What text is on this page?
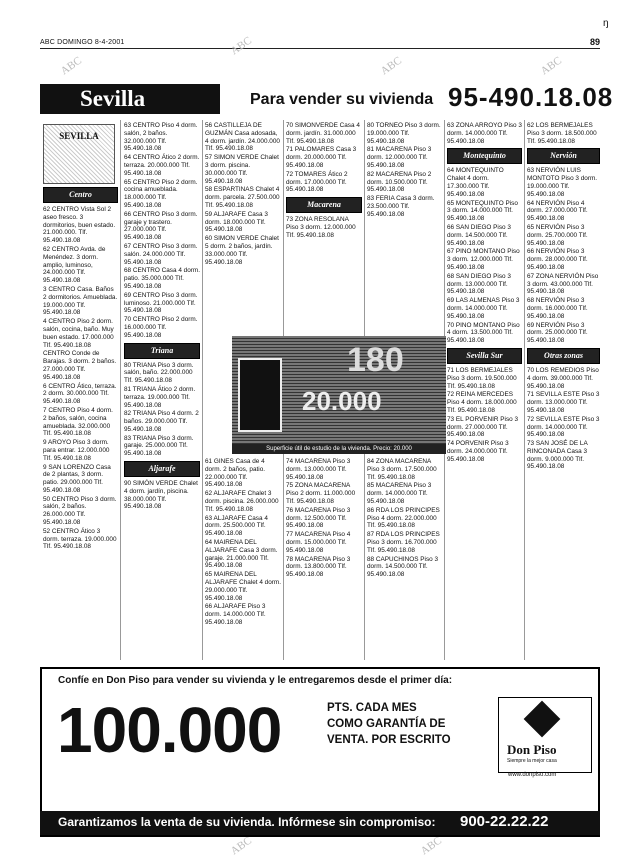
ŋ
ABC DOMINGO 8-4-2001	89
ABC
ABC
ABC	ABC
ABC	ABC
Sevilla	Para vender su vivienda 95-490.18.08
SEVILLA
Centro

62 CENTRO Vista Sol 2 aseo fresco. 3 dormitorios, buen estado. 21.000.000. Tlf. 95.490.18.08

62 CENTRO Avda. de Menéndez. 3 dorm. amplio, luminoso, 24.000.000 Tlf. 95.490.18.08

3 CENTRO Casa. Baños 2 dormitorios. Amueblada. 19.000.000 Tlf. 95.490.18.08

4 CENTRO Piso 2 dorm. salón, cocina, baño. Muy buen estado. 17.000.000 Tlf. 95.490.18.08

CENTRO Conde de Barajas. 3 dorm. 2 baños. 27.000.000 Tlf. 95.490.18.08

6 CENTRO Ático, terraza. 2 dorm. 30.000.000 Tlf. 95.490.18.08

7 CENTRO Piso 4 dorm. 2 baños, salón, cocina amueblada. 32.000.000 Tlf. 95.490.18.08

9 AROYO Piso 3 dorm. para entrar. 12.000.000 Tlf. 95.490.18.08

9 SAN LORENZO Casa de 2 plantas, 3 dorm. patio. 29.000.000 Tlf. 95.490.18.08

50 CENTRO Piso 3 dorm. salón, 2 baños. 26.000.000 Tlf. 95.490.18.08

52 CENTRO Ático 3 dorm. terraza. 19.000.000 Tlf. 95.490.18.08

63 CENTRO Piso 4 dorm. salón, 2 baños. 32.000.000 Tlf. 95.490.18.08

64 CENTRO Ático 2 dorm. terraza. 20.000.000 Tlf. 95.490.18.08

65 CENTRO Piso 2 dorm. cocina amueblada. 18.000.000 Tlf. 95.490.18.08

66 CENTRO Piso 3 dorm. garaje y trastero. 27.000.000 Tlf. 95.490.18.08

67 CENTRO Piso 3 dorm. salón. 24.000.000 Tlf. 95.490.18.08

68 CENTRO Casa 4 dorm. patio. 35.000.000 Tlf. 95.490.18.08

69 CENTRO Piso 3 dorm. luminoso. 21.000.000 Tlf. 95.490.18.08

70 CENTRO Piso 2 dorm. 16.000.000 Tlf. 95.490.18.08

Triana

80 TRIANA Piso 3 dorm. salón, baño. 22.000.000 Tlf. 95.490.18.08

81 TRIANA Ático 2 dorm. terraza. 19.000.000 Tlf. 95.490.18.08

82 TRIANA Piso 4 dorm. 2 baños. 29.000.000 Tlf. 95.490.18.08

83 TRIANA Piso 3 dorm. garaje. 25.000.000 Tlf. 95.490.18.08

Aljarafe

90 SIMÓN VERDE Chalet 4 dorm. jardín, piscina. 38.000.000 Tlf. 95.490.18.08

56 CASTILLEJA DE GUZMÁN Casa adosada, 4 dorm. jardín. 24.000.000 Tlf. 95.490.18.08

57 SIMON VERDE Chalet 3 dorm. piscina. 30.000.000 Tlf. 95.490.18.08

58 ESPARTINAS Chalet 4 dorm. parcela. 27.500.000 Tlf. 95.490.18.08

59 ALJARAFE Casa 3 dorm. 18.000.000 Tlf. 95.490.18.08

60 SIMON VERDE Chalet 5 dorm. 2 baños, jardín. 33.000.000 Tlf. 95.490.18.08

61 GINES Casa de 4 dorm. 2 baños, patio. 22.000.000 Tlf. 95.490.18.08

62 ALJARAFE Chalet 3 dorm. piscina. 26.000.000 Tlf. 95.490.18.08

63 ALJARAFE Casa 4 dorm. 25.500.000 Tlf. 95.490.18.08

64 MAIRENA DEL ALJARAFE Casa 3 dorm. garaje. 21.000.000 Tlf. 95.490.18.08

65 MAIRENA DEL ALJARAFE Chalet 4 dorm. 29.000.000 Tlf. 95.490.18.08

66 ALJARAFE Piso 3 dorm. 14.000.000 Tlf. 95.490.18.08

70 SIMONVERDE Casa 4 dorm. jardín. 31.000.000 Tlf. 95.490.18.08

71 PALOMARES Casa 3 dorm. 20.000.000 Tlf. 95.490.18.08

72 TOMARES Ático 2 dorm. 17.000.000 Tlf. 95.490.18.08

Macarena

73 ZONA RESOLANA Piso 3 dorm. 12.000.000 Tlf. 95.490.18.08

74 MACARENA Piso 3 dorm. 13.000.000 Tlf. 95.490.18.08

75 ZONA MACARENA Piso 2 dorm. 11.000.000 Tlf. 95.490.18.08

76 MACARENA Piso 3 dorm. 12.500.000 Tlf. 95.490.18.08

77 MACARENA Piso 4 dorm. 15.000.000 Tlf. 95.490.18.08

78 MACARENA Piso 3 dorm. 13.800.000 Tlf. 95.490.18.08

80 TORNEO Piso 3 dorm. 19.000.000 Tlf. 95.490.18.08

81 MACARENA Piso 3 dorm. 12.000.000 Tlf. 95.490.18.08

82 MACARENA Piso 2 dorm. 10.500.000 Tlf. 95.490.18.08

83 FERIA Casa 3 dorm. 23.500.000 Tlf. 95.490.18.08

84 ZONA MACARENA Piso 3 dorm. 17.500.000 Tlf. 95.490.18.08

85 MACARENA Piso 3 dorm. 14.000.000 Tlf. 95.490.18.08

86 RDA LOS PRINCIPES Piso 4 dorm. 22.000.000 Tlf. 95.490.18.08

87 RDA LOS PRINCIPES Piso 3 dorm. 16.700.000 Tlf. 95.490.18.08

88 CAPUCHINOS Piso 3 dorm. 14.500.000 Tlf. 95.490.18.08

63 ZONA ARROYO Piso 3 dorm. 14.000.000 Tlf. 95.490.18.08

Montequinto

64 MONTEQUINTO Chalet 4 dorm. 17.300.000 Tlf. 95.490.18.08

65 MONTEQUINTO Piso 3 dorm. 14.000.000 Tlf. 95.490.18.08

66 SAN DIEGO Piso 3 dorm. 14.500.000 Tlf. 95.490.18.08

67 PINO MONTANO Piso 3 dorm. 12.000.000 Tlf. 95.490.18.08

68 SAN DIEGO Piso 3 dorm. 13.000.000 Tlf. 95.490.18.08

69 LAS ALMENAS Piso 3 dorm. 14.000.000 Tlf. 95.490.18.08

70 PINO MONTANO Piso 4 dorm. 13.500.000 Tlf. 95.490.18.08

Sevilla Sur

71 LOS BERMEJALES Piso 3 dorm. 19.500.000 Tlf. 95.490.18.08

72 REINA MERCEDES Piso 4 dorm. 18.000.000 Tlf. 95.490.18.08

73 EL PORVENIR Piso 3 dorm. 27.000.000 Tlf. 95.490.18.08

74 PORVENIR Piso 3 dorm. 24.000.000 Tlf. 95.490.18.08

62 LOS BERMEJALES Piso 3 dorm. 18.500.000 Tlf. 95.490.18.08

Nervión

63 NERVIÓN LUIS MONTOTO Piso 3 dorm. 19.000.000 Tlf. 95.490.18.08

64 NERVIÓN Piso 4 dorm. 27.000.000 Tlf. 95.490.18.08

65 NERVIÓN Piso 3 dorm. 25.700.000 Tlf. 95.490.18.08

66 NERVIÓN Piso 3 dorm. 28.000.000 Tlf. 95.490.18.08

67 ZONA NERVIÓN Piso 3 dorm. 43.000.000 Tlf. 95.490.18.08

68 NERVIÓN Piso 3 dorm. 16.000.000 Tlf. 95.490.18.08

69 NERVIÓN Piso 3 dorm. 25.000.000 Tlf. 95.490.18.08

Otras zonas

70 LOS REMEDIOS Piso 4 dorm. 39.000.000 Tlf. 95.490.18.08

71 SEVILLA ESTE Piso 3 dorm. 13.000.000 Tlf. 95.490.18.08

72 SEVILLA ESTE Piso 3 dorm. 14.000.000 Tlf. 95.490.18.08

73 SAN JOSÉ DE LA RINCONADA Casa 3 dorm. 9.000.000 Tlf. 95.490.18.08

180
20.000
Superficie útil de estudio de la vivienda. Precio: 20.000
Confíe en Don Piso para vender su vivienda y le entregaremos desde el primer día:
100.000	PTS. CADA MES
COMO GARANTÍA DE
VENTA. POR ESCRITO
Don Piso
Siempre la mejor casa
www.donpiso.com
Garantizamos la venta de su vivienda. Infórmese sin compromiso: 900-22.22.22
